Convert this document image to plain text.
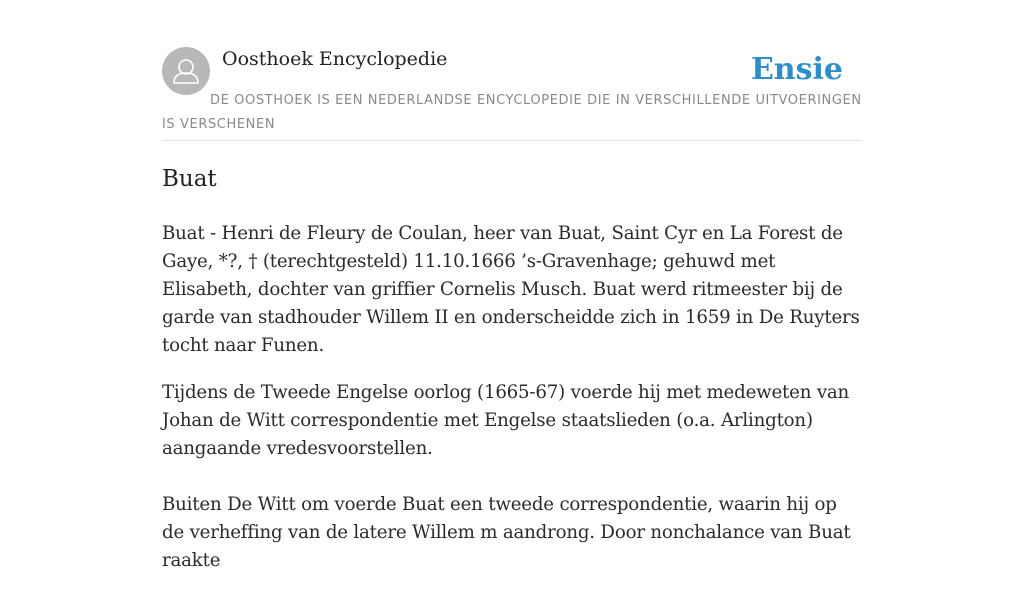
Oosthoek Encyclopedie	Ensie
DE OOSTHOEK IS EEN NEDERLANDSE ENCYCLOPEDIE DIE IN VERSCHILLENDE UITVOERINGEN IS VERSCHENEN
Buat

Buat - Henri de Fleury de Coulan, heer van Buat, Saint Cyr en La Forest de Gaye, *?, † (terechtgesteld) 11.10.1666 ’s-Gravenhage; gehuwd met Elisabeth, dochter van griffier Cornelis Musch. Buat werd ritmeester bij de garde van stadhouder Willem II en onderscheidde zich in 1659 in De Ruyters tocht naar Funen.

Tijdens de Tweede Engelse oorlog (1665-67) voerde hij met medeweten van Johan de Witt correspondentie met Engelse staatslieden (o.a. Arlington) aangaande vredesvoorstellen.

Buiten De Witt om voerde Buat een tweede correspondentie, waarin hij op de verheffing van de latere Willem m aandrong. Door nonchalance van Buat raakte
